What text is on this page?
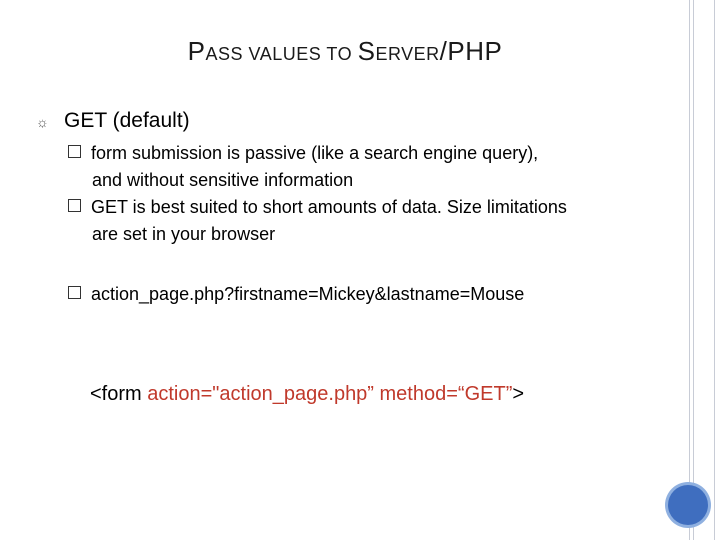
PASS VALUES TO SERVER/PHP
☼ GET (default)
form submission is passive (like a search engine query),
and without sensitive information
GET is best suited to short amounts of data. Size limitations
are set in your browser
action_page.php?firstname=Mickey&lastname=Mouse
<form action="action_page.php” method=“GET”>
